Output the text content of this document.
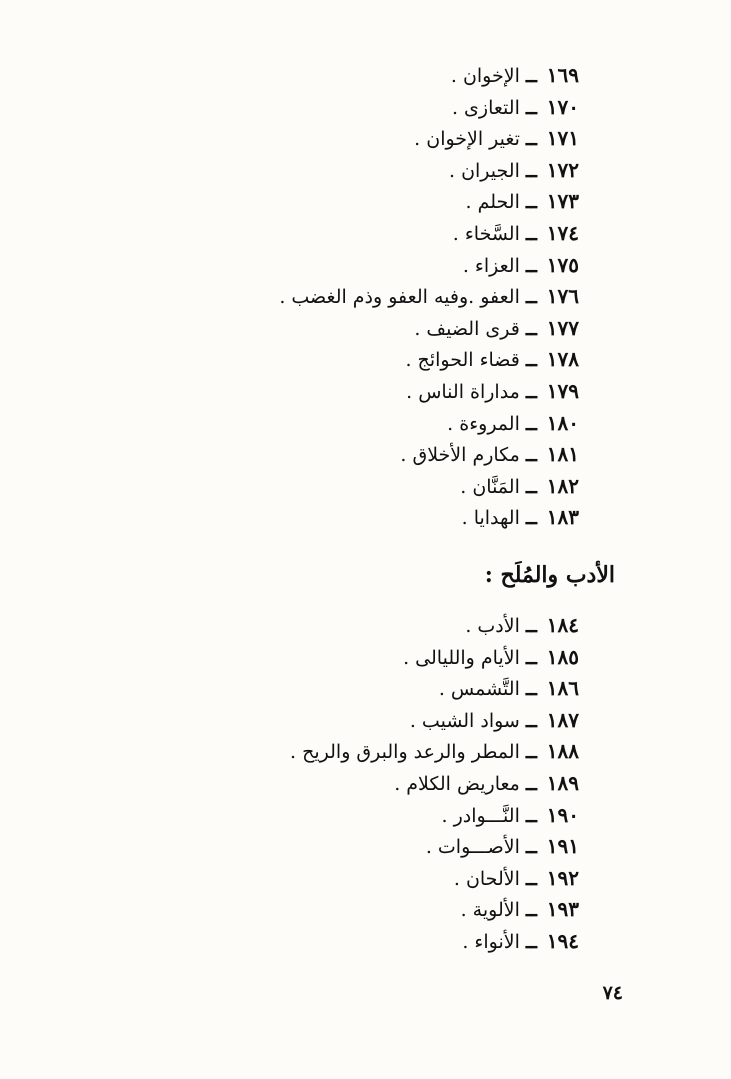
١٦٩ــالإخوان .
١٧٠ــالتعازى .
١٧١ــتغير الإخوان .
١٧٢ــالجيران .
١٧٣ــالحلم .
١٧٤ــالسَّخاء .
١٧٥ــالعزاء .
١٧٦ــالعفو .وفيه العفو وذم الغضب .
١٧٧ــقرى الضيف .
١٧٨ــقضاء الحوائج .
١٧٩ــمداراة الناس .
١٨٠ــالمروءة .
١٨١ــمكارم الأخلاق .
١٨٢ــالمَنَّان .
١٨٣ــالهدايا .
الأدب والمُلَح :
١٨٤ــالأدب .
١٨٥ــالأيام والليالى .
١٨٦ــالتَّشمس .
١٨٧ــسواد الشيب .
١٨٨ــالمطر والرعد والبرق والريح .
١٨٩ــمعاريض الكلام .
١٩٠ــالنَّـــوادر .
١٩١ــالأصـــوات .
١٩٢ــالألحان .
١٩٣ــالألوية .
١٩٤ــالأنواء .
٧٤
